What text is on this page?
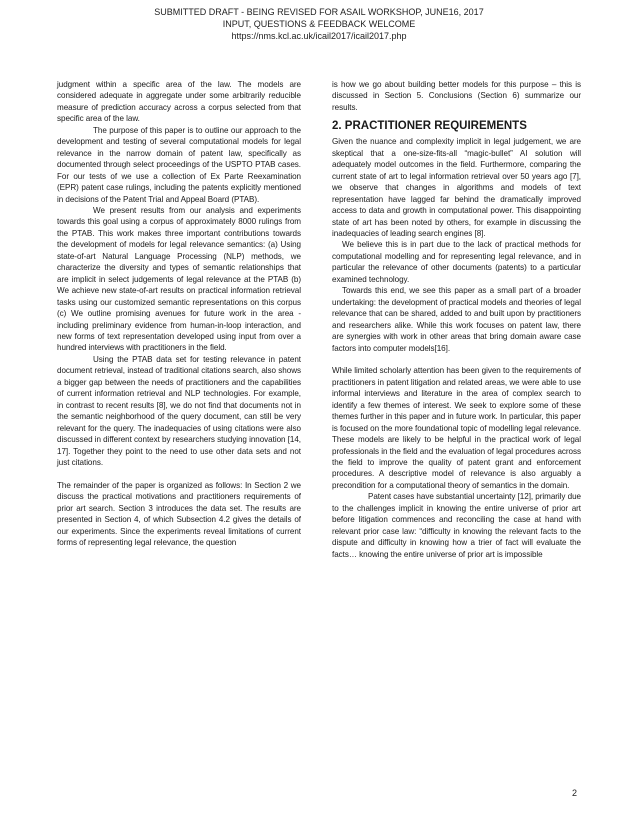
SUBMITTED DRAFT - BEING REVISED FOR ASAIL WORKSHOP, JUNE16, 2017
INPUT, QUESTIONS & FEEDBACK WELCOME
https://nms.kcl.ac.uk/icail2017/icail2017.php

judgment within a specific area of the law. The models are considered adequate in aggregate under some arbitrarily reducible measure of prediction accuracy across a corpus selected from that specific area of the law.

The purpose of this paper is to outline our approach to the development and testing of several computational models for legal relevance in the narrow domain of patent law, specifically as documented through select proceedings of the USPTO PTAB cases. For our tests of we use a collection of Ex Parte Reexamination (EPR) patent case rulings, including the patents explicitly mentioned in decisions of the Patent Trial and Appeal Board (PTAB).

We present results from our analysis and experiments towards this goal using a corpus of approximately 8000 rulings from the PTAB. This work makes three important contributions towards the development of models for legal relevance semantics: (a) Using state-of-art Natural Language Processing (NLP) methods, we characterize the diversity and types of semantic relationships that are implicit in select judgements of legal relevance at the PTAB (b) We achieve new state-of-art results on practical information retrieval tasks using our customized semantic representations on this corpus (c) We outline promising avenues for future work in the area - including preliminary evidence from human-in-loop interaction, and new forms of text representation developed using input from over a hundred interviews with practitioners in the field.

Using the PTAB data set for testing relevance in patent document retrieval, instead of traditional citations search, also shows a bigger gap between the needs of practitioners and the capabilities of current information retrieval and NLP technologies. For example, in contrast to recent results [8], we do not find that documents not in the semantic neighborhood of the query document, can still be very relevant for the query. The inadequacies of using citations were also discussed in different context by researchers studying innovation [14, 17]. Together they point to the need to use other data sets and not just citations.

The remainder of the paper is organized as follows: In Section 2 we discuss the practical motivations and practitioners requirements of prior art search. Section 3 introduces the data set. The results are presented in Section 4, of which Subsection 4.2 gives the details of our experiments. Since the experiments reveal limitations of current forms of representing legal relevance, the question

is how we go about building better models for this purpose – this is discussed in Section 5. Conclusions (Section 6) summarize our results.

2. PRACTITIONER REQUIREMENTS

Given the nuance and complexity implicit in legal judgement, we are skeptical that a one-size-fits-all “magic-bullet” AI solution will adequately model outcomes in the field. Furthermore, comparing the current state of art to legal information retrieval over 50 years ago [7], we observe that changes in algorithms and models of text representation have lagged far behind the dramatically improved access to data and growth in computational power. This disappointing state of art has been noted by others, for example in discussing the inadequacies of leading search engines [8].

We believe this is in part due to the lack of practical methods for computational modelling and for representing legal relevance, and in particular the relevance of other documents (patents) to a particular examined technology.

Towards this end, we see this paper as a small part of a broader undertaking: the development of practical models and theories of legal relevance that can be shared, added to and built upon by practitioners and researchers alike. While this work focuses on patent law, there are synergies with work in other areas that bring domain aware case factors into computer models[16].

While limited scholarly attention has been given to the requirements of practitioners in patent litigation and related areas, we were able to use informal interviews and literature in the area of complex search to identify a few themes of interest. We seek to explore some of these themes further in this paper and in future work. In particular, this paper is focused on the more foundational topic of modelling legal relevance. These models are likely to be helpful in the practical work of legal professionals in the field and the evaluation of legal procedures across the field to improve the quality of patent grant and enforcement procedures. A descriptive model of relevance is also arguably a precondition for a computational theory of semantics in the domain.

Patent cases have substantial uncertainty [12], primarily due to the challenges implicit in knowing the entire universe of prior art before litigation commences and reconciling the case at hand with relevant prior case law: “difficulty in knowing the relevant facts to the dispute and difficulty in knowing how a trier of fact will evaluate the facts… knowing the entire universe of prior art is impossible

2
